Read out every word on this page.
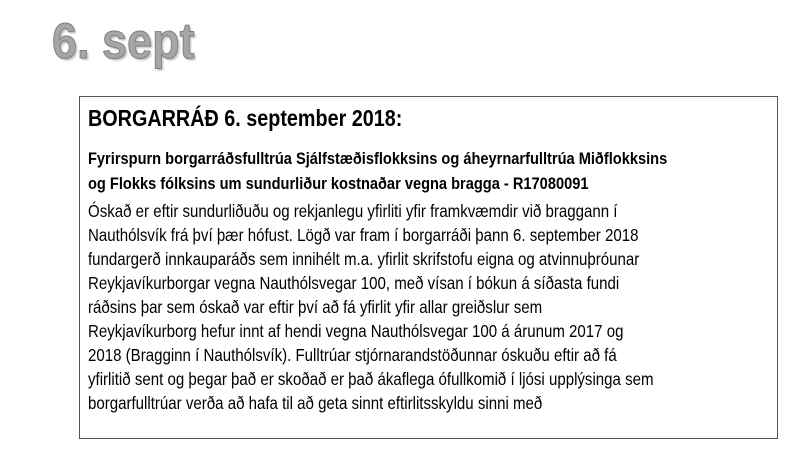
6. sept
BORGARRÁÐ 6. september 2018:
Fyrirspurn borgarráðsfulltrúa Sjálfstæðisflokksins og áheyrnarfulltrúa Miðflokksins
og Flokks fólksins um sundurliður kostnaðar vegna bragga - R17080091
Óskað er eftir sundurliðuðu og rekjanlegu yfirliti yfir framkvæmdir við braggann í
Nauthólsvík frá því þær hófust. Lögð var fram í borgarráði þann 6. september 2018
fundargerð innkauparáðs sem innihélt m.a. yfirlit skrifstofu eigna og atvinnuþróunar
Reykjavíkurborgar vegna Nauthólsvegar 100, með vísan í bókun á síðasta fundi
ráðsins þar sem óskað var eftir því að fá yfirlit yfir allar greiðslur sem
Reykjavíkurborg hefur innt af hendi vegna Nauthólsvegar 100 á árunum 2017 og
2018 (Bragginn í Nauthólsvík). Fulltrúar stjórnarandstöðunnar óskuðu eftir að fá
yfirlitið sent og þegar það er skoðað er það ákaflega ófullkomið í ljósi upplýsinga sem
borgarfulltrúar verða að hafa til að geta sinnt eftirlitsskyldu sinni með
